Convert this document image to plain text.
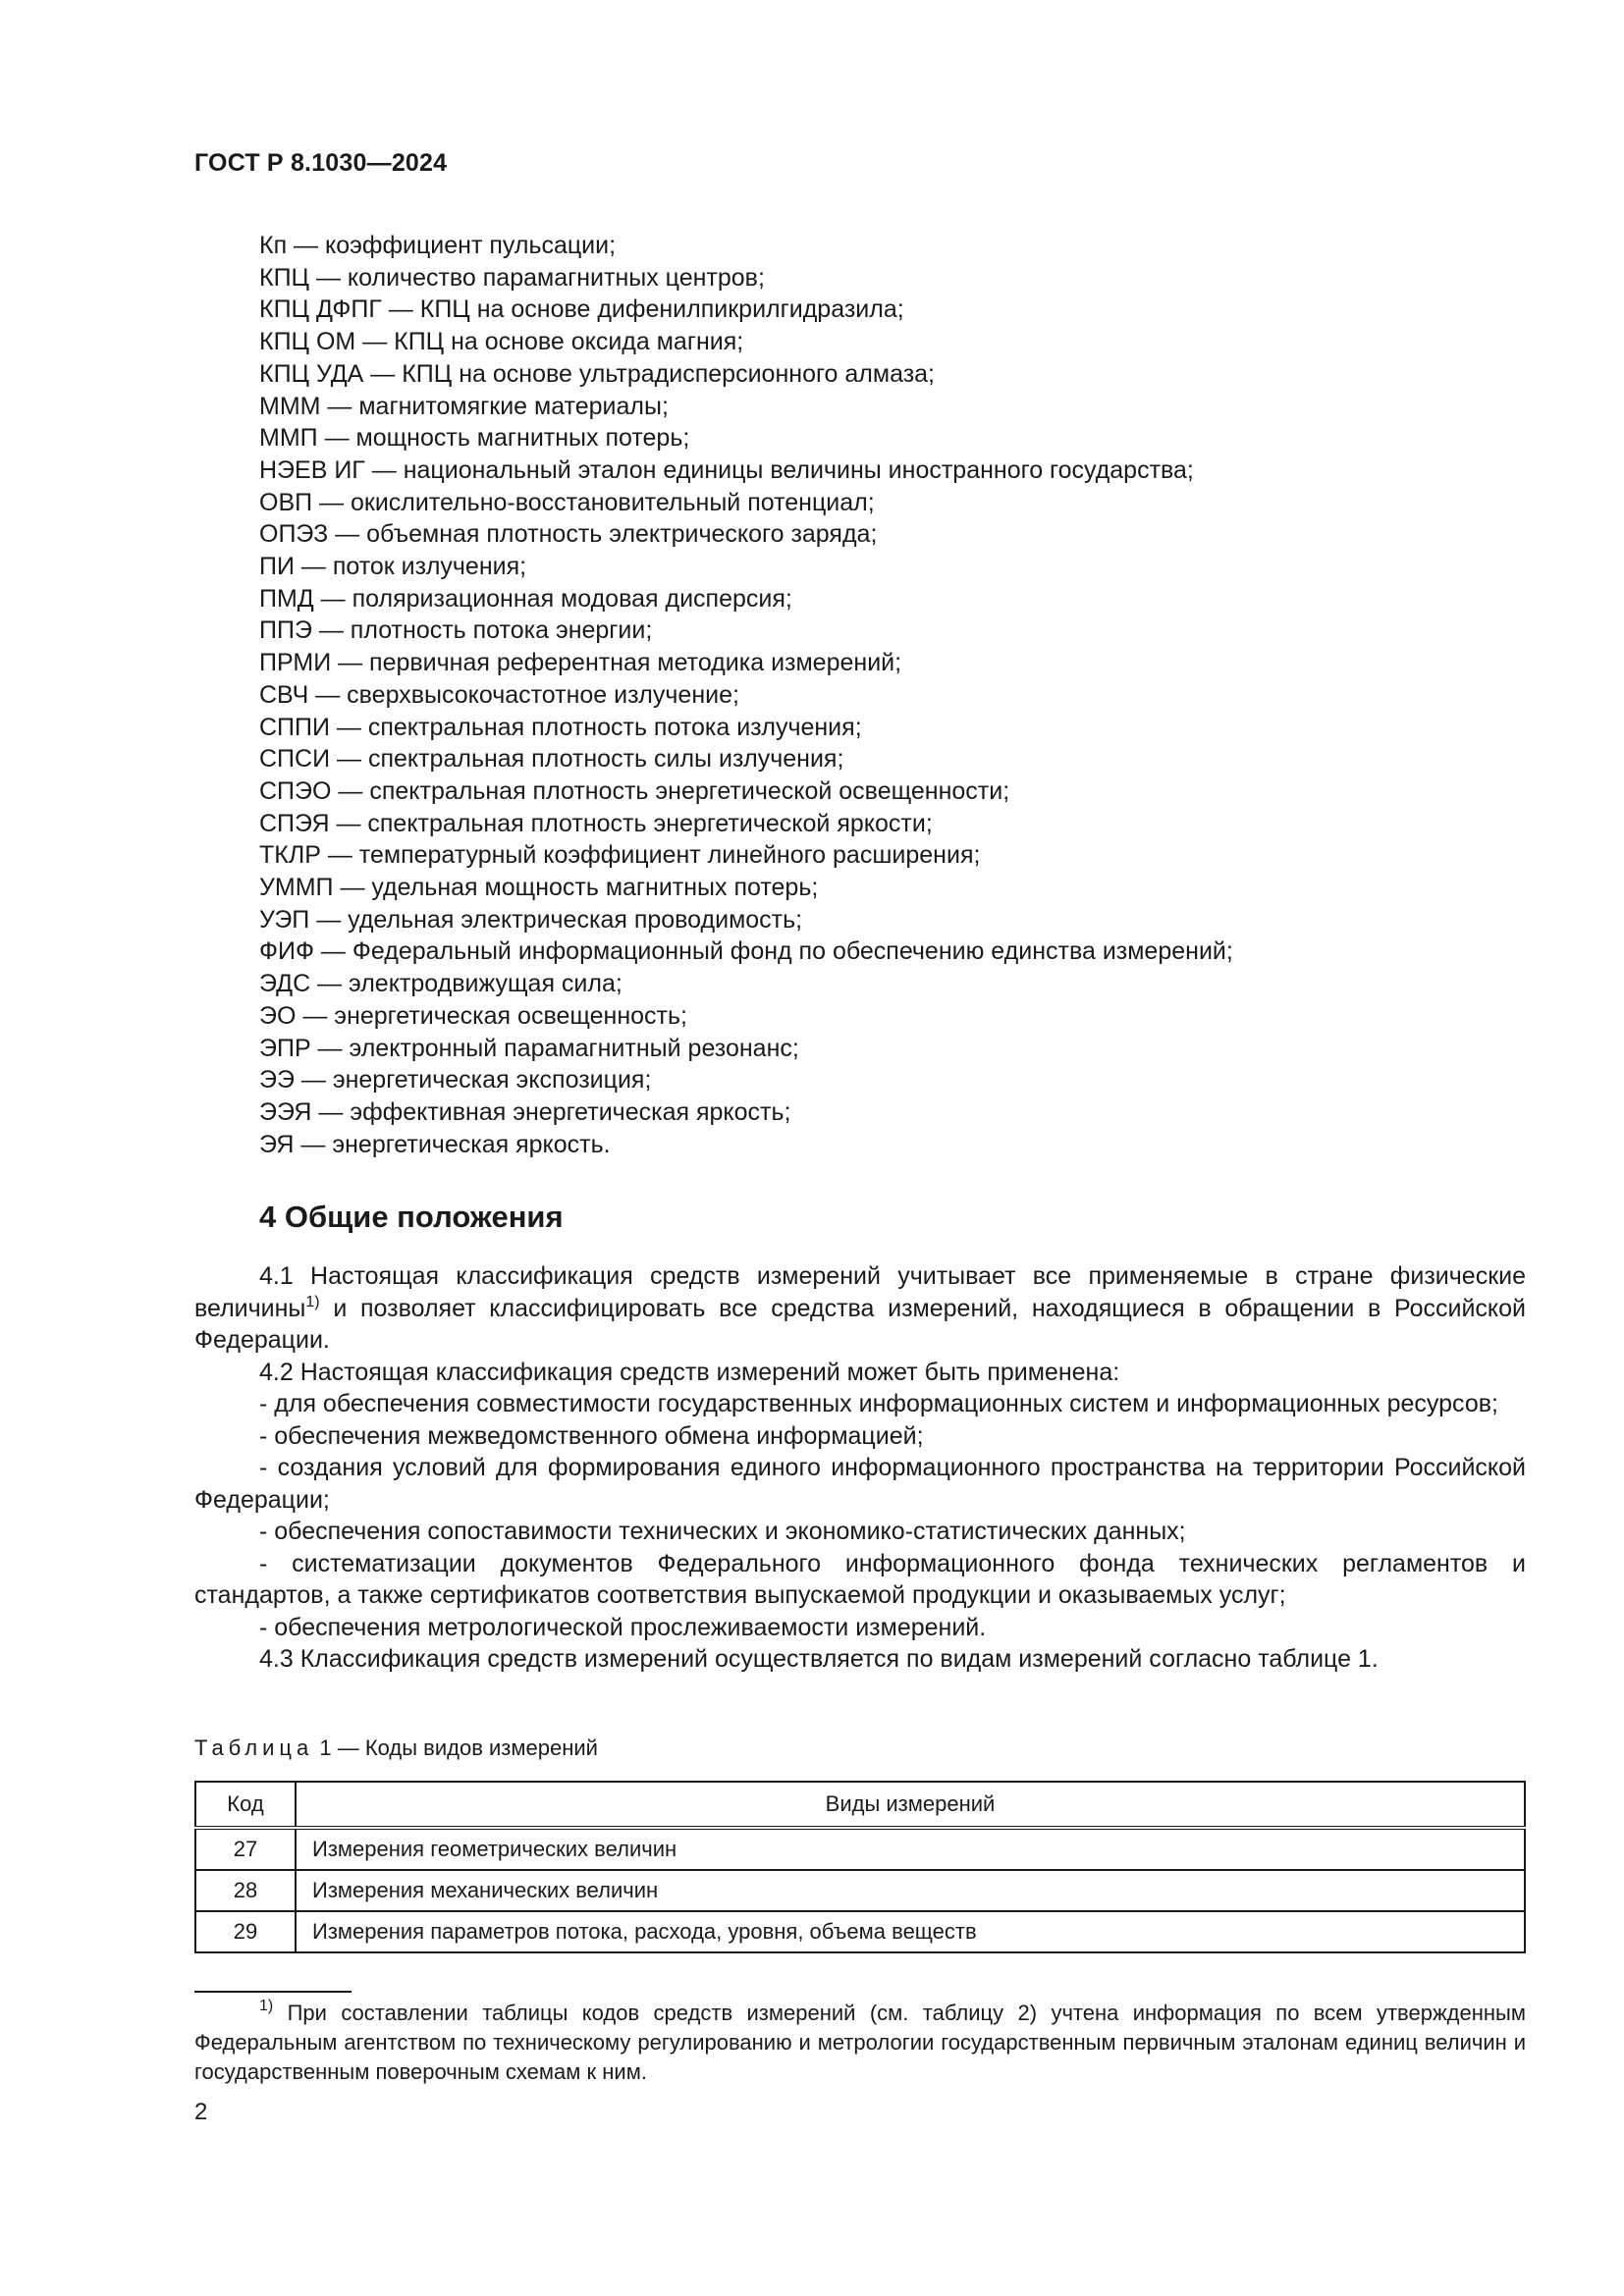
ГОСТ Р 8.1030—2024
Кп — коэффициент пульсации;
КПЦ — количество парамагнитных центров;
КПЦ ДФПГ — КПЦ на основе дифенилпикрилгидразила;
КПЦ ОМ — КПЦ на основе оксида магния;
КПЦ УДА — КПЦ на основе ультрадисперсионного алмаза;
МММ — магнитомягкие материалы;
ММП — мощность магнитных потерь;
НЭЕВ ИГ — национальный эталон единицы величины иностранного государства;
ОВП — окислительно-восстановительный потенциал;
ОПЭЗ — объемная плотность электрического заряда;
ПИ — поток излучения;
ПМД — поляризационная модовая дисперсия;
ППЭ — плотность потока энергии;
ПРМИ — первичная референтная методика измерений;
СВЧ — сверхвысокочастотное излучение;
СППИ — спектральная плотность потока излучения;
СПСИ — спектральная плотность силы излучения;
СПЭО — спектральная плотность энергетической освещенности;
СПЭЯ — спектральная плотность энергетической яркости;
ТКЛР — температурный коэффициент линейного расширения;
УММП — удельная мощность магнитных потерь;
УЭП — удельная электрическая проводимость;
ФИФ — Федеральный информационный фонд по обеспечению единства измерений;
ЭДС — электродвижущая сила;
ЭО — энергетическая освещенность;
ЭПР — электронный парамагнитный резонанс;
ЭЭ — энергетическая экспозиция;
ЭЭЯ — эффективная энергетическая яркость;
ЭЯ — энергетическая яркость.
4 Общие положения

4.1 Настоящая классификация средств измерений учитывает все применяемые в стране физические величины$^{1)}$ и позволяет классифицировать все средства измерений, находящиеся в обращении в Российской Федерации.

4.2 Настоящая классификация средств измерений может быть применена:

- для обеспечения совместимости государственных информационных систем и информационных ресурсов;

- обеспечения межведомственного обмена информацией;

- создания условий для формирования единого информационного пространства на территории Российской Федерации;

- обеспечения сопоставимости технических и экономико-статистических данных;

- систематизации документов Федерального информационного фонда технических регламентов и стандартов, а также сертификатов соответствия выпускаемой продукции и оказываемых услуг;

- обеспечения метрологической прослеживаемости измерений.

4.3 Классификация средств измерений осуществляется по видам измерений согласно таблице 1.

Таблица 1 — Коды видов измерений
Код	Виды измерений
27	Измерения геометрических величин
28	Измерения механических величин
29	Измерения параметров потока, расхода, уровня, объема веществ

$^{1)}$ При составлении таблицы кодов средств измерений (см. таблицу 2) учтена информация по всем утвержденным Федеральным агентством по техническому регулированию и метрологии государственным первичным эталонам единиц величин и государственным поверочным схемам к ним.

2
